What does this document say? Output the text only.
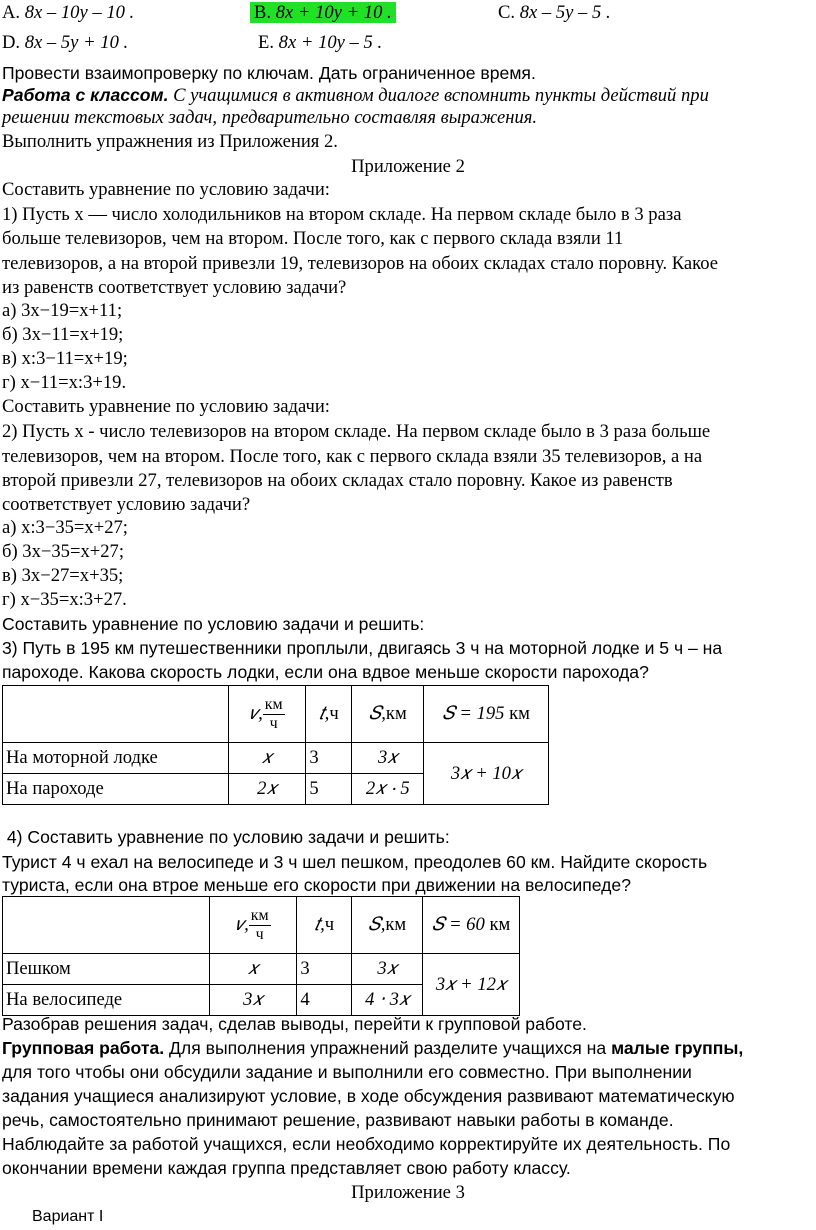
A. 8x – 10y – 10 .	B. 8x + 10y + 10 .	C. 8x – 5y – 5 .
D. 8x – 5y + 10 .	E. 8x + 10y – 5 .
Провести взаимопроверку по ключам. Дать ограниченное время.
Работа с классом. С учащимися в активном диалоге вспомнить пункты действий при
решении текстовых задач, предварительно составляя выражения.
Выполнить упражнения из Приложения 2.
Приложение 2
Составить уравнение по условию задачи:
1) Пусть х — число холодильников на втором складе. На первом складе было в 3 раза
больше телевизоров, чем на втором. После того, как с первого склада взяли 11
телевизоров, а на второй привезли 19, телевизоров на обоих складах стало поровну. Какое
из равенств соответствует условию задачи?
а) 3х−19=х+11;
б) 3х−11=х+19;
в) х:3−11=х+19;
г) х−11=х:3+19.
Составить уравнение по условию задачи:
2) Пусть х - число телевизоров на втором складе. На первом складе было в 3 раза больше
телевизоров, чем на втором. После того, как с первого склада взяли 35 телевизоров, а на
второй привезли 27, телевизоров на обоих складах стало поровну. Какое из равенств
соответствует условию задачи?
а) х:3−35=х+27;
б) 3х−35=х+27;
в) 3х−27=х+35;
г) х−35=х:3+27.
Составить уравнение по условию задачи и решить:
3) Путь в 195 км путешественники проплыли, двигаясь 3 ч на моторной лодке и 5 ч – на
пароходе. Какова скорость лодки, если она вдвое меньше скорости парохода?
	𝑣, $\frac{км}{ч}$	𝑡,ч	𝑆,км	𝑆 = 195 км
На моторной лодке	𝑥	3	3𝑥	3𝑥 + 10𝑥
На пароходе	2𝑥	5	2𝑥 ⋅ 5	
4) Составить уравнение по условию задачи и решить:
Турист 4 ч ехал на велосипеде и 3 ч шел пешком, преодолев 60 км. Найдите скорость
туриста, если она втрое меньше его скорости при движении на велосипеде?
	𝑣, $\frac{км}{ч}$	𝑡,ч	𝑆,км	𝑆 = 60 км
Пешком	𝑥	3	3𝑥	3𝑥 + 12𝑥
На велосипеде	3𝑥	4	4 ⋅ 3𝑥	
Разобрав решения задач, сделав выводы, перейти к групповой работе.
Групповая работа. Для выполнения упражнений разделите учащихся на малые группы,
для того чтобы они обсудили задание и выполнили его совместно. При выполнении
задания учащиеся анализируют условие, в ходе обсуждения развивают математическую
речь, самостоятельно принимают решение, развивают навыки работы в команде.
Наблюдайте за работой учащихся, если необходимо корректируйте их деятельность. По
окончании времени каждая группа представляет свою работу классу.
Приложение 3
Вариант I
